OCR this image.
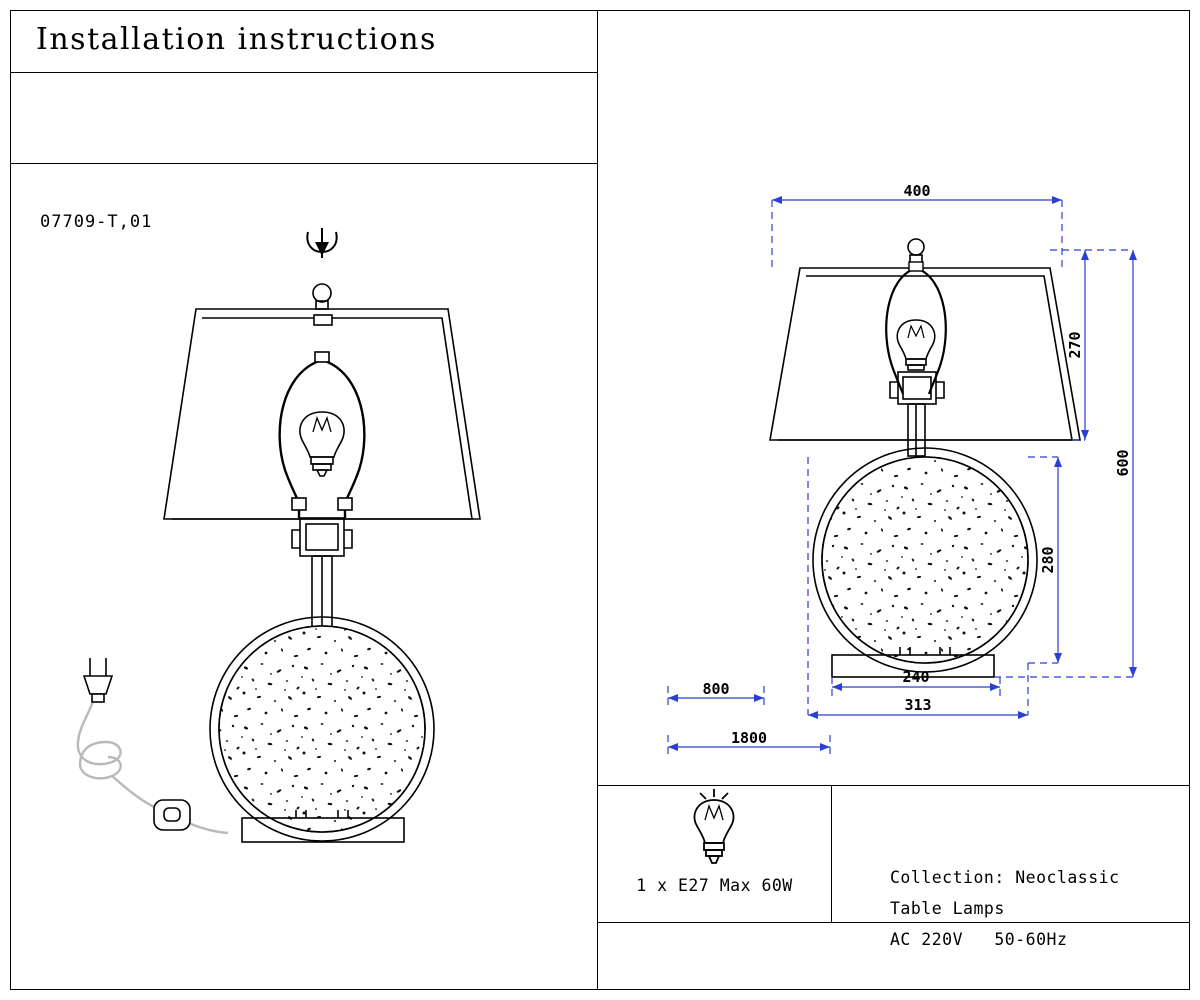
Installation instructions
07709-T,01
1 x E27 Max 60W	Collection: Neoclassic
Table Lamps
AC 220V   50-60Hz
400
270
600
280
240
313
800
1800
